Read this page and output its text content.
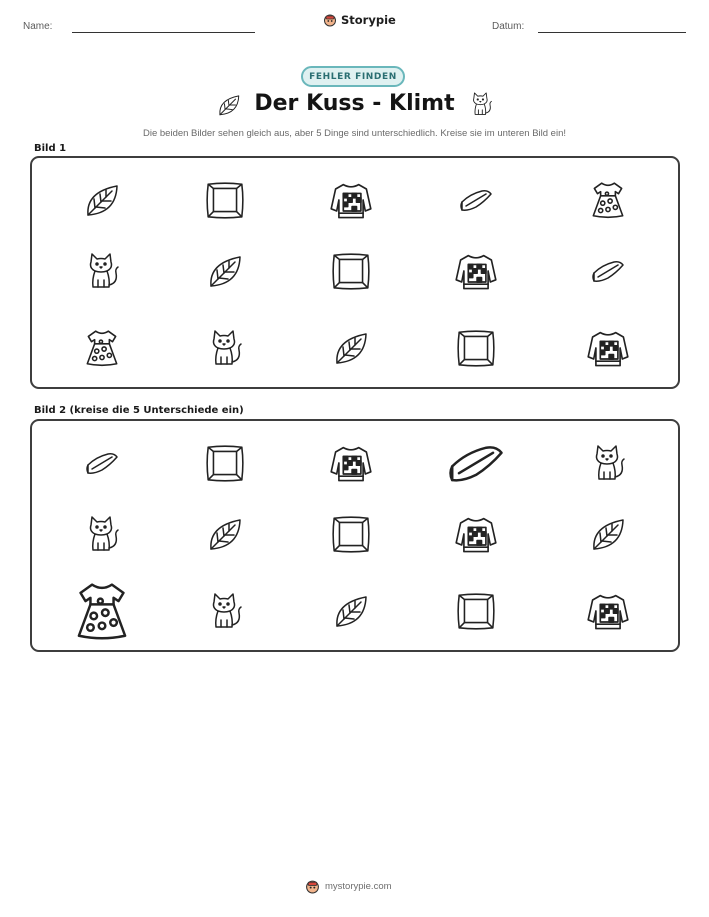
Name:	Datum:
Storypie
FEHLER FINDEN
Der Kuss - Klimt
Die beiden Bilder sehen gleich aus, aber 5 Dinge sind unterschiedlich. Kreise sie im unteren Bild ein!
Bild 1
Bild 2 (kreise die 5 Unterschiede ein)
mystorypie.com
